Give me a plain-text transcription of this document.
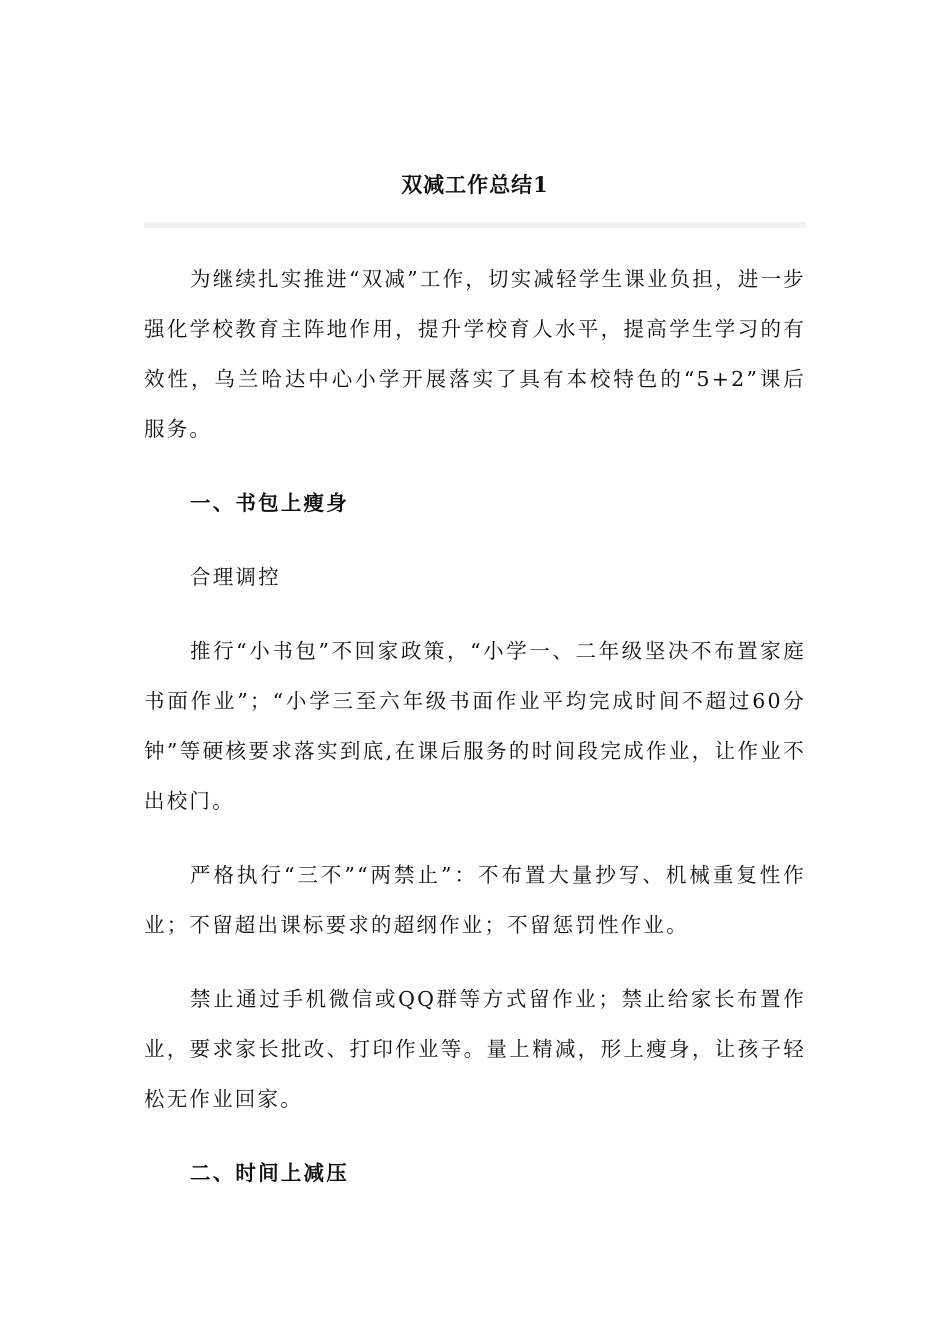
双减工作总结1

为继续扎实推进“双减”工作，切实减轻学生课业负担，进一步强化学校教育主阵地作用，提升学校育人水平，提高学生学习的有效性，乌兰哈达中心小学开展落实了具有本校特色的“5+2”课后服务。

一、书包上瘦身

合理调控

推行“小书包”不回家政策，“小学一、二年级坚决不布置家庭书面作业”；“小学三至六年级书面作业平均完成时间不超过60分钟”等硬核要求落实到底,在课后服务的时间段完成作业，让作业不出校门。

严格执行“三不”“两禁止”：不布置大量抄写、机械重复性作业；不留超出课标要求的超纲作业；不留惩罚性作业。

禁止通过手机微信或QQ群等方式留作业；禁止给家长布置作业，要求家长批改、打印作业等。量上精减，形上瘦身，让孩子轻松无作业回家。

二、时间上减压
